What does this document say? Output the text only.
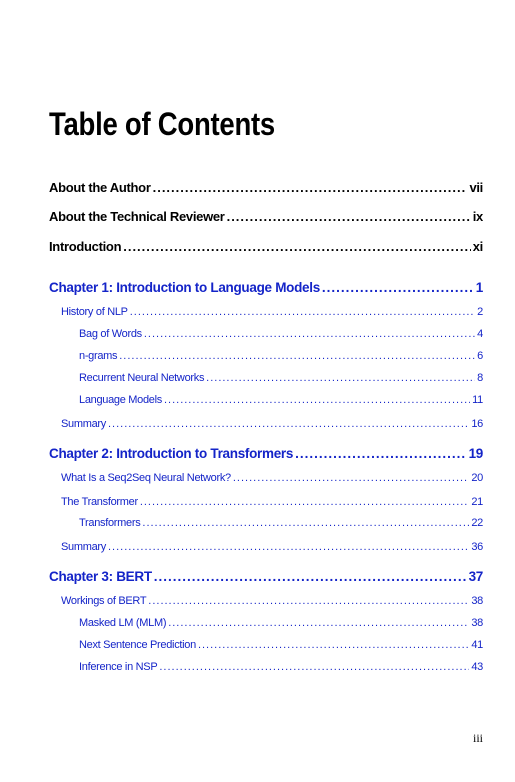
Table of Contents
About the Author .....	vii
About the Technical Reviewer .....	ix
Introduction .....	xi
Chapter 1: Introduction to Language Models .....	1
History of NLP .....	2
Bag of Words .....	4
n-grams .....	6
Recurrent Neural Networks .....	8
Language Models .....	11
Summary .....	16
Chapter 2: Introduction to Transformers .....	19
What Is a Seq2Seq Neural Network? .....	20
The Transformer .....	21
Transformers .....	22
Summary .....	36
Chapter 3: BERT .....	37
Workings of BERT .....	38
Masked LM (MLM) .....	38
Next Sentence Prediction .....	41
Inference in NSP .....	43
iii
